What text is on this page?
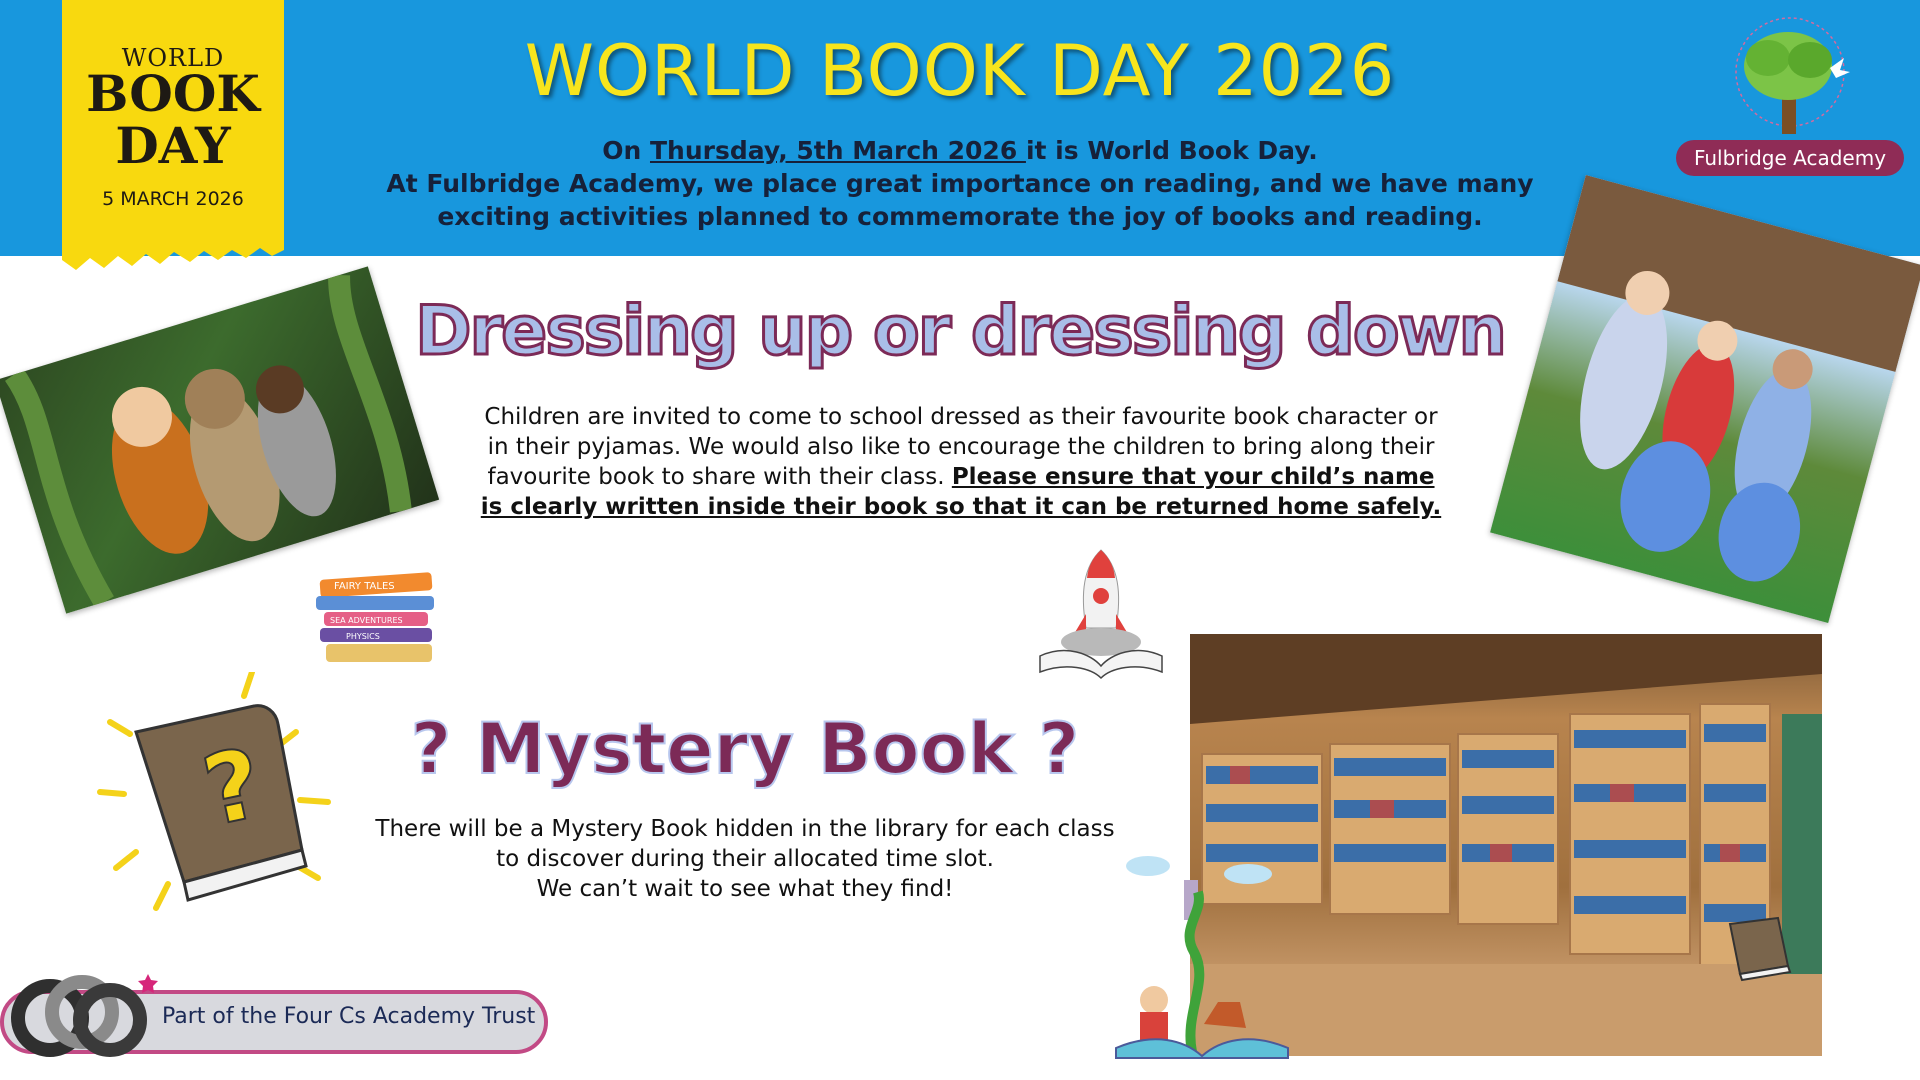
WORLD BOOK DAY 2026
On Thursday, 5th March 2026 it is World Book Day.
At Fulbridge Academy, we place great importance on reading, and we have many exciting activities planned to commemorate the joy of books and reading.
WORLD
BOOK
DAY
5 MARCH 2026
Fulbridge Academy
Dressing up or dressing down
Children are invited to come to school dressed as their favourite book character or in their pyjamas. We would also like to encourage the children to bring along their favourite book to share with their class. Please ensure that your child’s name is clearly written inside their book so that it can be returned home safely.
FAIRY TALES
SEA ADVENTURES
PHYSICS
?	? Mystery Book ?
There will be a Mystery Book hidden in the library for each class to discover during their allocated time slot.
We can’t wait to see what they find!
Part of the Four Cs Academy Trust
